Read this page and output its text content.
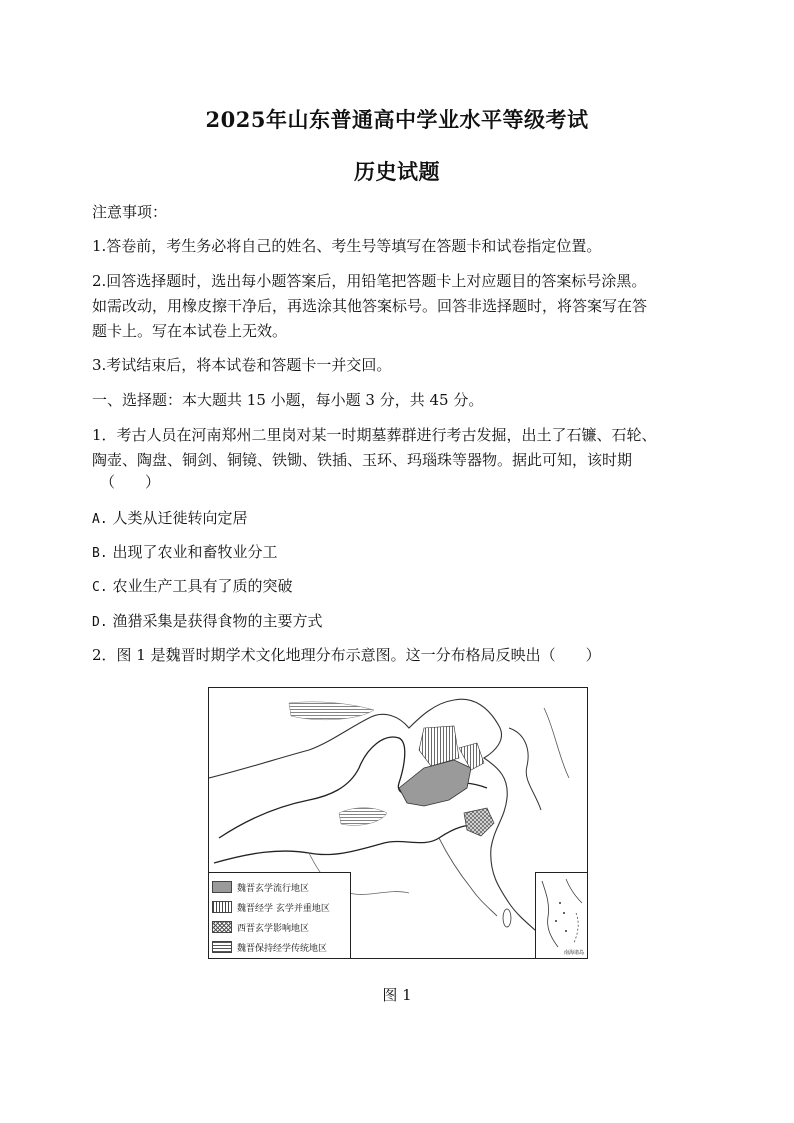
2025年山东普通高中学业水平等级考试
历史试题
注意事项：
1.答卷前，考生务必将自己的姓名、考生号等填写在答题卡和试卷指定位置。
2.回答选择题时，选出每小题答案后，用铅笔把答题卡上对应题目的答案标号涂黑。
如需改动，用橡皮擦干净后，再选涂其他答案标号。回答非选择题时，将答案写在答
题卡上。写在本试卷上无效。
3.考试结束后，将本试卷和答题卡一并交回。
一、选择题：本大题共 15 小题，每小题 3 分，共 45 分。
1．考古人员在河南郑州二里岗对某一时期墓葬群进行考古发掘，出土了石镰、石轮、
陶壶、陶盘、铜剑、铜镜、铁锄、铁插、玉环、玛瑙珠等器物。据此可知，该时期
（　　）
A. 人类从迁徙转向定居
B. 出现了农业和畜牧业分工
C. 农业生产工具有了质的突破
D. 渔猎采集是获得食物的主要方式
2．图 1 是魏晋时期学术文化地理分布示意图。这一分布格局反映出（　　）
魏晋玄学流行地区
魏晋经学 玄学并重地区
西晋玄学影响地区
魏晋保持经学传统地区	南海诸岛
图 1
